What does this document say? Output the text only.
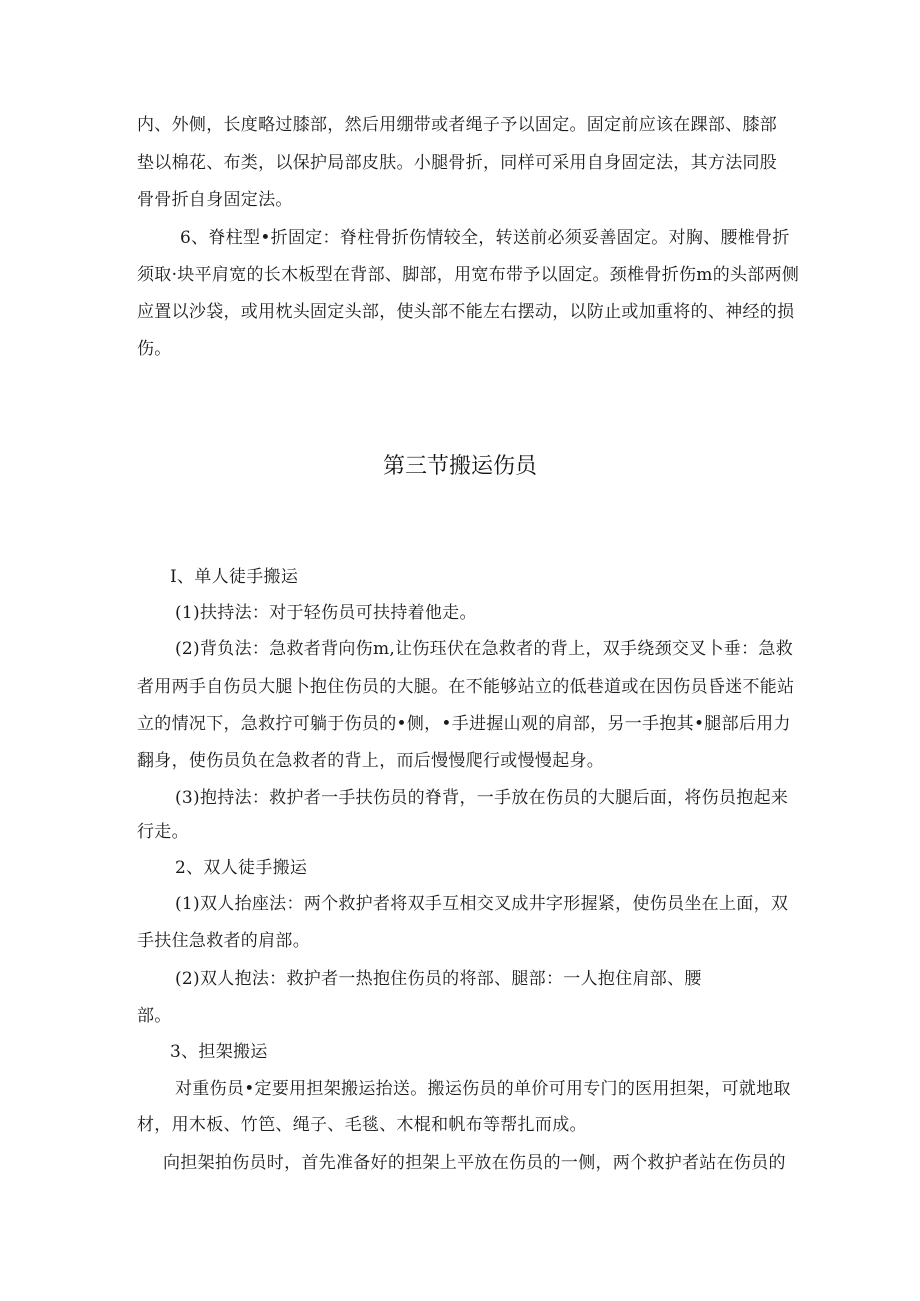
内、外侧，长度略过膝部，然后用绷带或者绳子予以固定。固定前应该在踝部、膝部

垫以棉花、布类，以保护局部皮肤。小腿骨折，同样可采用自身固定法，其方法同股

骨骨折自身固定法。

6、脊柱型•折固定：脊柱骨折伤情较全，转送前必须妥善固定。对胸、腰椎骨折

须取·块平肩宽的长木板型在背部、脚部，用宽布带予以固定。颈椎骨折伤m的头部两侧

应置以沙袋，或用枕头固定头部，使头部不能左右摆动，以防止或加重将的、神经的损

伤。

第三节搬运伤员

I、单人徒手搬运

(1)扶持法：对于轻伤员可扶持着他走。

(2)背负法：急救者背向伤m,让伤珏伏在急救者的背上，双手绕颈交叉卜垂：急救

者用两手自伤员大腿卜抱住伤员的大腿。在不能够站立的低巷道或在因伤员昏迷不能站

立的情况下，急救拧可躺于伤员的•侧，•手进握山观的肩部，另一手抱其•腿部后用力

翻身，使伤员负在急救者的背上，而后慢慢爬行或慢慢起身。

(3)抱持法：救护者一手扶伤员的脊背，一手放在伤员的大腿后面，将伤员抱起来

行走。

2、双人徒手搬运

(1)双人抬座法：两个救护者将双手互相交叉成井字形握紧，使伤员坐在上面，双

手扶住急救者的肩部。

(2)双人抱法：救护者一热抱住伤员的将部、腿部：一人抱住肩部、腰

部。

3、担架搬运

对重伤员•定要用担架搬运抬送。搬运伤员的单价可用专门的医用担架，可就地取

材，用木板、竹笆、绳子、毛毯、木棍和帆布等帮扎而成。

向担架拍伤员时，首先准备好的担架上平放在伤员的一侧，两个救护者站在伤员的
